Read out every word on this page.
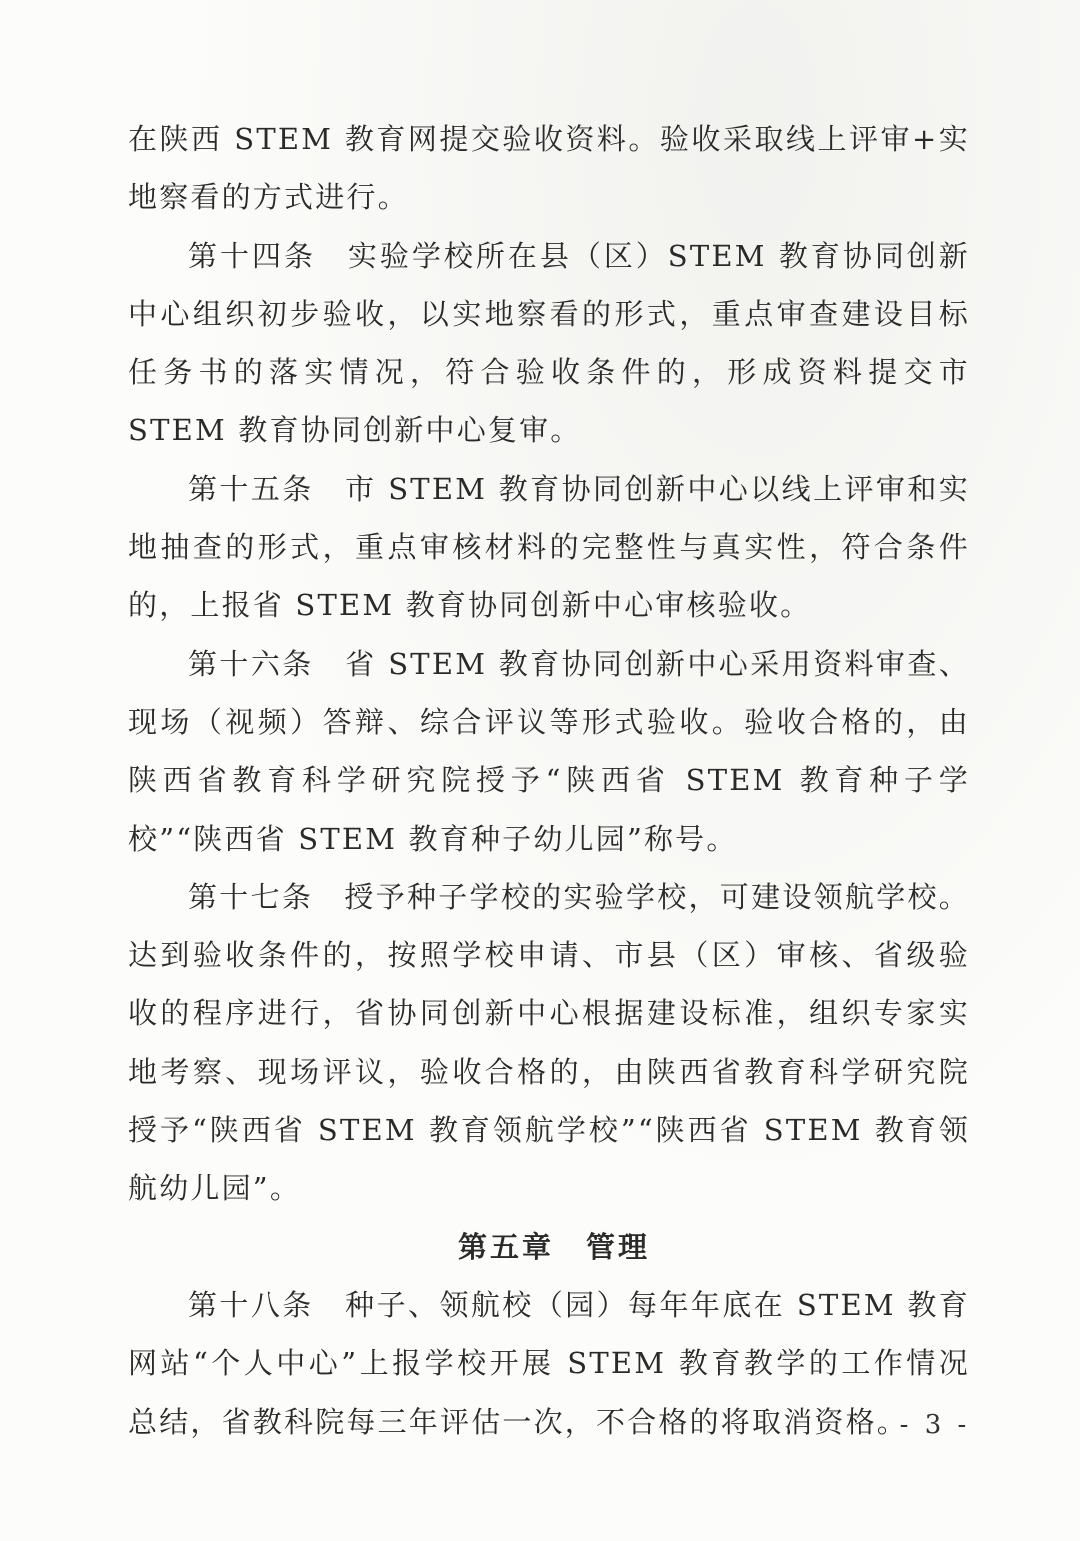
在陕西 STEM 教育网提交验收资料。验收采取线上评审+实地察看的方式进行。

第十四条　实验学校所在县（区）STEM 教育协同创新中心组织初步验收，以实地察看的形式，重点审查建设目标任务书的落实情况，符合验收条件的，形成资料提交市 STEM 教育协同创新中心复审。

第十五条　市 STEM 教育协同创新中心以线上评审和实地抽查的形式，重点审核材料的完整性与真实性，符合条件的，上报省 STEM 教育协同创新中心审核验收。

第十六条　省 STEM 教育协同创新中心采用资料审查、现场（视频）答辩、综合评议等形式验收。验收合格的，由陕西省教育科学研究院授予“陕西省 STEM 教育种子学校”“陕西省 STEM 教育种子幼儿园”称号。

第十七条　授予种子学校的实验学校，可建设领航学校。达到验收条件的，按照学校申请、市县（区）审核、省级验收的程序进行，省协同创新中心根据建设标准，组织专家实地考察、现场评议，验收合格的，由陕西省教育科学研究院授予“陕西省 STEM 教育领航学校”“陕西省 STEM 教育领航幼儿园”。

第五章　管理

第十八条　种子、领航校（园）每年年底在 STEM 教育网站“个人中心”上报学校开展 STEM 教育教学的工作情况总结，省教科院每三年评估一次，不合格的将取消资格。

- 3 -
